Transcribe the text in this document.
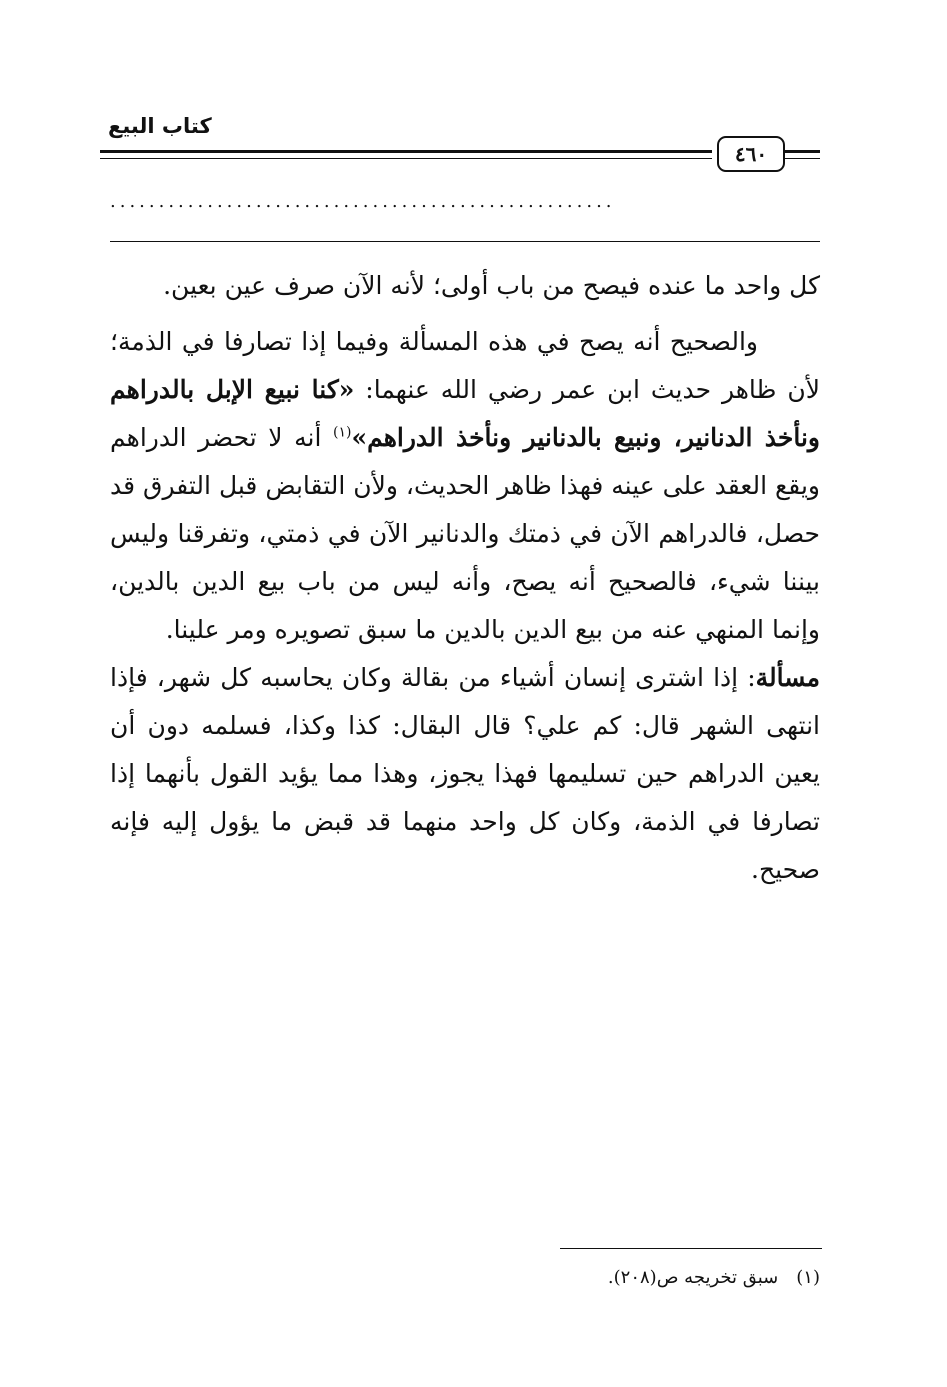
كتاب البيع
٤٦٠
....................................................

كل واحد ما عنده فيصح من باب أولى؛ لأنه الآن صرف عين بعين.

والصحيح أنه يصح في هذه المسألة وفيما إذا تصارفا في الذمة؛ لأن ظاهر حديث ابن عمر رضي الله عنهما: «كنا نبيع الإبل بالدراهم ونأخذ الدنانير، ونبيع بالدنانير ونأخذ الدراهم»$^{(١)}$ أنه لا تحضر الدراهم ويقع العقد على عينه فهذا ظاهر الحديث، ولأن التقابض قبل التفرق قد حصل، فالدراهم الآن في ذمتك والدنانير الآن في ذمتي، وتفرقنا وليس بيننا شيء، فالصحيح أنه يصح، وأنه ليس من باب بيع الدين بالدين، وإنما المنهي عنه من بيع الدين بالدين ما سبق تصويره ومر علينا.

مسألة: إذا اشترى إنسان أشياء من بقالة وكان يحاسبه كل شهر، فإذا انتهى الشهر قال: كم علي؟ قال البقال: كذا وكذا، فسلمه دون أن يعين الدراهم حين تسليمها فهذا يجوز، وهذا مما يؤيد القول بأنهما إذا تصارفا في الذمة، وكان كل واحد منهما قد قبض ما يؤول إليه فإنه صحيح.

(١)سبق تخريجه ص(٢٠٨).
